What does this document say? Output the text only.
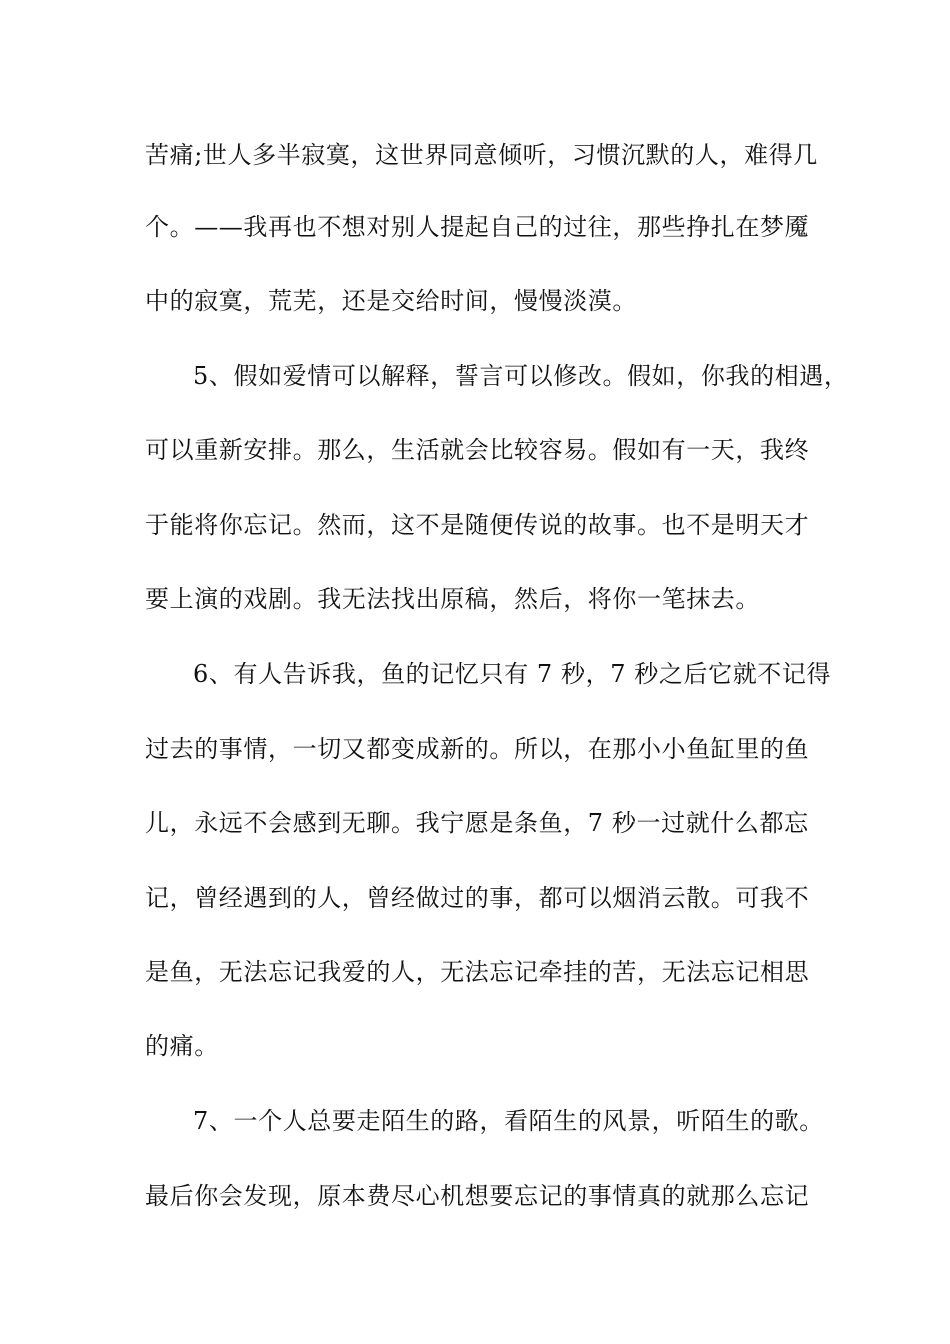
苦痛;世人多半寂寞，这世界同意倾听，习惯沉默的人，难得几
个。——我再也不想对别人提起自己的过往，那些挣扎在梦魇
中的寂寞，荒芜，还是交给时间，慢慢淡漠。
5、假如爱情可以解释，誓言可以修改。假如，你我的相遇，
可以重新安排。那么，生活就会比较容易。假如有一天，我终
于能将你忘记。然而，这不是随便传说的故事。也不是明天才
要上演的戏剧。我无法找出原稿，然后，将你一笔抹去。
6、有人告诉我，鱼的记忆只有 7 秒，7 秒之后它就不记得
过去的事情，一切又都变成新的。所以，在那小小鱼缸里的鱼
儿，永远不会感到无聊。我宁愿是条鱼，7 秒一过就什么都忘
记，曾经遇到的人，曾经做过的事，都可以烟消云散。可我不
是鱼，无法忘记我爱的人，无法忘记牵挂的苦，无法忘记相思
的痛。
7、一个人总要走陌生的路，看陌生的风景，听陌生的歌。
最后你会发现，原本费尽心机想要忘记的事情真的就那么忘记
